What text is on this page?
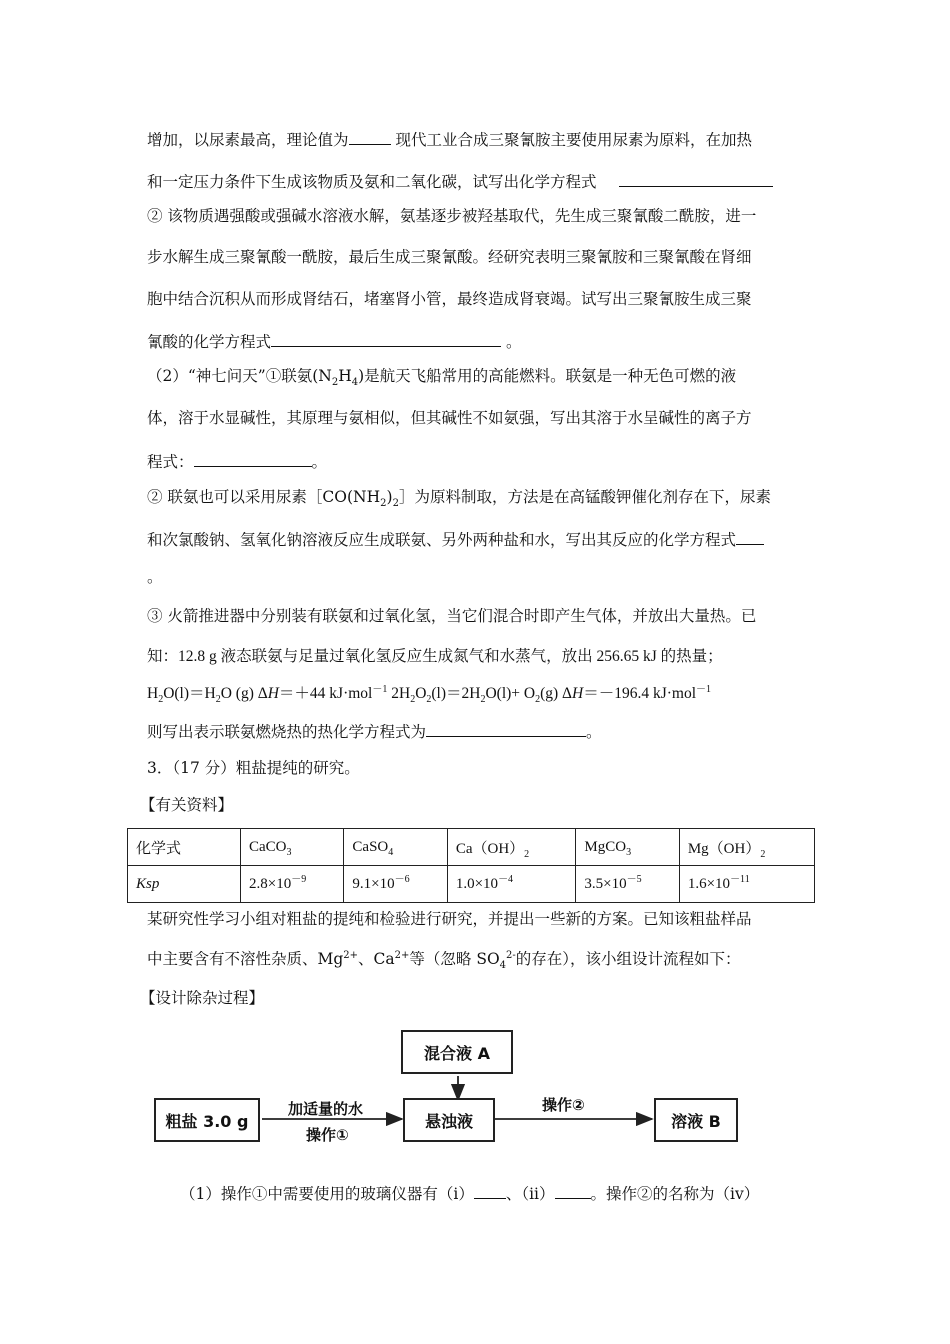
增加，以尿素最高，理论值为	现代工业合成三聚氰胺主要使用尿素为原料，在加热
和一定压力条件下生成该物质及氨和二氧化碳，试写出化学方程式
② 该物质遇强酸或强碱水溶液水解，氨基逐步被羟基取代，先生成三聚氰酸二酰胺，进一
步水解生成三聚氰酸一酰胺，最后生成三聚氰酸。经研究表明三聚氰胺和三聚氰酸在肾细
胞中结合沉积从而形成肾结石，堵塞肾小管，最终造成肾衰竭。试写出三聚氰胺生成三聚
氰酸的化学方程式	。
（2）“神七问天”①联氨$(N_2H_4)$是航天飞船常用的高能燃料。联氨是一种无色可燃的液
体，溶于水显碱性，其原理与氨相似，但其碱性不如氨强，写出其溶于水呈碱性的离子方
程式：	。
② 联氨也可以采用尿素$[CO(NH_2)_2]$为原料制取，方法是在高锰酸钾催化剂存在下，尿素
和次氯酸钠、氢氧化钠溶液反应生成联氨、另外两种盐和水，写出其反应的化学方程式
。
③ 火箭推进器中分别装有联氨和过氧化氢，当它们混合时即产生气体，并放出大量热。已
知：12.8 g 液态联氨与足量过氧化氢反应生成氮气和水蒸气，放出 256.65 kJ 的热量；
$H_2O(l)=H_2O$ (g) ΔH＝＋44 kJ·mol$^{-1}$ $2H_2O_2(l)=2H_2O(l)+ O_2(g)$ ΔH＝－196.4 kJ·mol$^{-1}$
则写出表示联氨燃烧热的热化学方程式为	。
3．（17 分）粗盐提纯的研究。
【有关资料】
化学式	CaCO$_3$	CaSO$_4$	$Ca(OH)_2$	MgCO$_3$	$Mg(OH)_2$
Ksp	$2.8\times 10^{-9}$	$9.1\times 10^{-6}$	$1.0\times 10^{-4}$	$3.5\times 10^{-5}$	$1.6\times 10^{-11}$
某研究性学习小组对粗盐的提纯和检验进行研究，并提出一些新的方案。已知该粗盐样品
中主要含有不溶性杂质、$Mg^{2+}$、$Ca^{2+}$等（忽略 $SO_4^{2-}$的存在），该小组设计流程如下：
【设计除杂过程】
混合液 A
粗盐 3.0 g	悬浊液	溶液 B
加适量的水
操作①
操作②
（1）操作①中需要使用的玻璃仪器有（i） 、（ii） 。操作②的名称为（iv）
